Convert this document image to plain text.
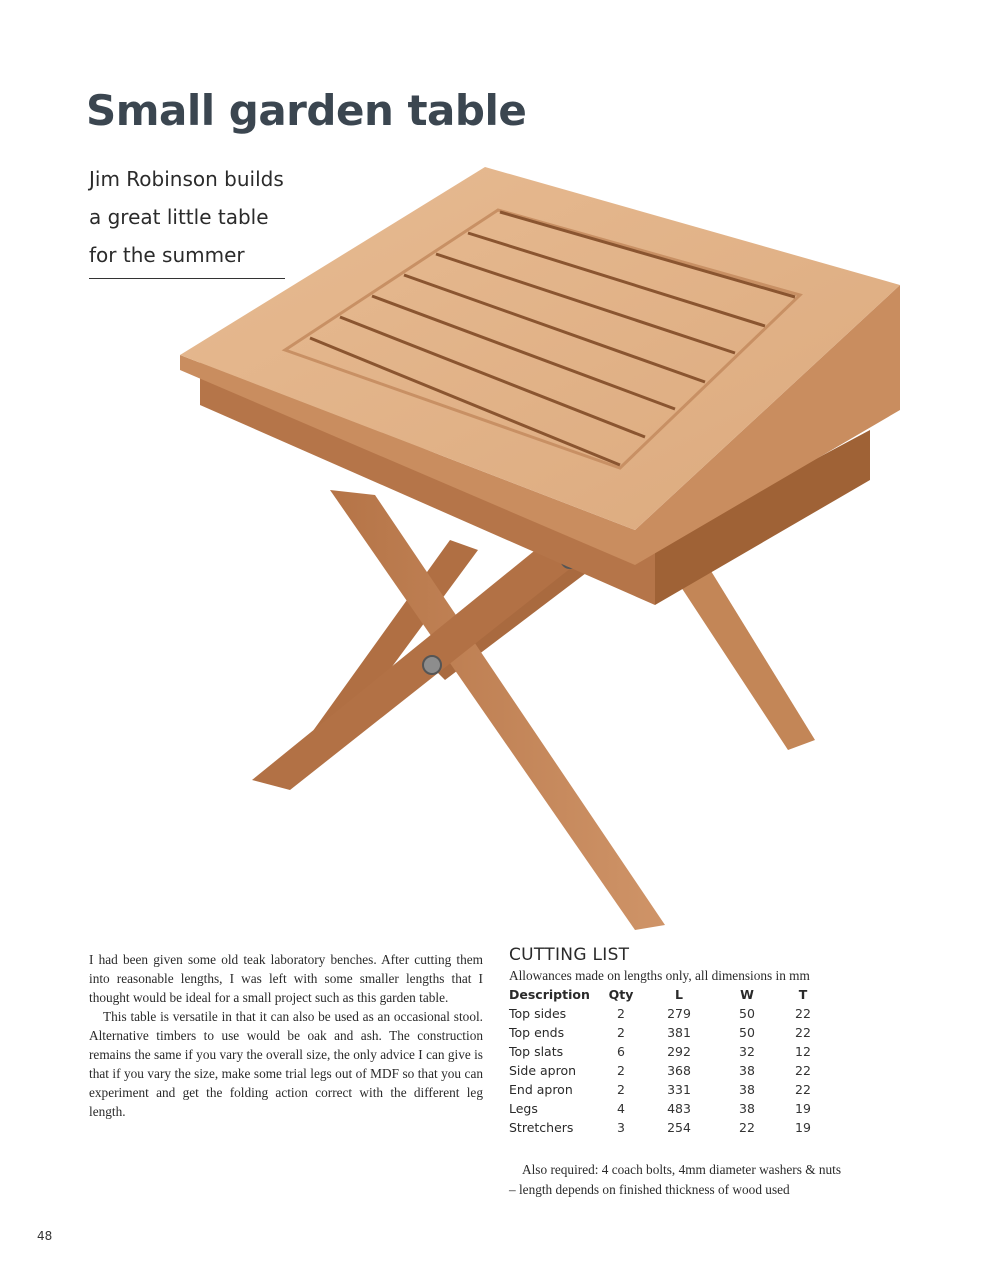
Small garden table
Jim Robinson builds
a great little table
for the summer

I had been given some old teak laboratory benches. After cutting them into reasonable lengths, I was left with some smaller lengths that I thought would be ideal for a small project such as this garden table.

This table is versatile in that it can also be used as an occasional stool. Alternative timbers to use would be oak and ash. The construction remains the same if you vary the overall size, the only advice I can give is that if you vary the size, make some trial legs out of MDF so that you can experiment and get the folding action correct with the different leg length.

CUTTING LIST
Allowances made on lengths only, all dimensions in mm
Description	Qty	L	W	T
Top sides	2	279	50	22
Top ends	2	381	50	22
Top slats	6	292	32	12
Side apron	2	368	38	22
End apron	2	331	38	22
Legs	4	483	38	19
Stretchers	3	254	22	19
Also required: 4 coach bolts, 4mm diameter washers & nuts
– length depends on finished thickness of wood used
48
